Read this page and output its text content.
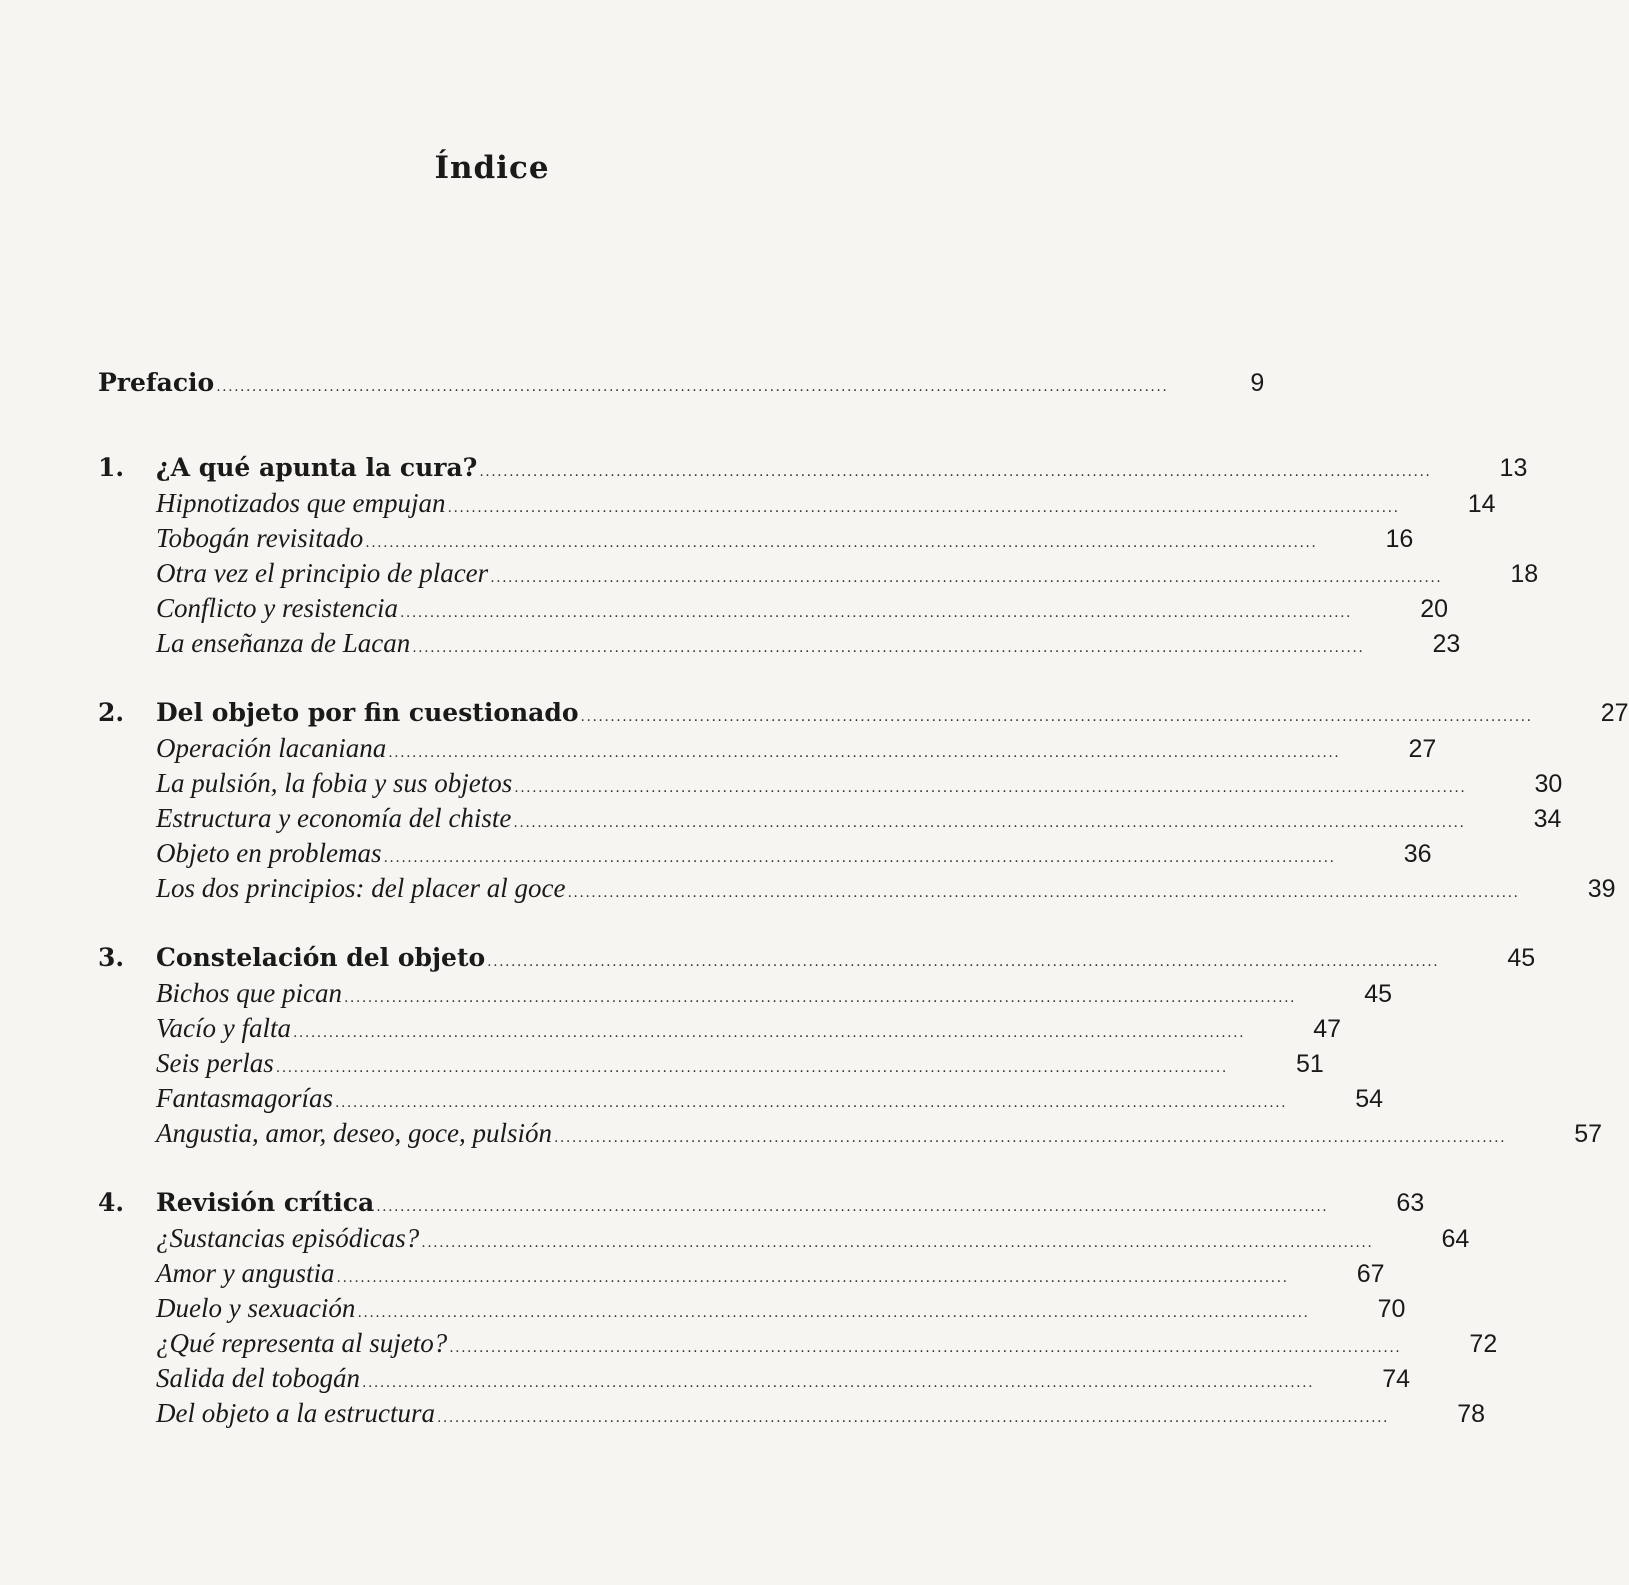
Índice
Prefacio ................................................................................................................................................................	9
1.	¿A qué apunta la cura? ................................................................................................................................................................	13
Hipnotizados que empujan ................................................................................................................................................................	14
Tobogán revisitado ................................................................................................................................................................	16
Otra vez el principio de placer ................................................................................................................................................................	18
Conflicto y resistencia ................................................................................................................................................................	20
La enseñanza de Lacan ................................................................................................................................................................	23
2.	Del objeto por fin cuestionado ................................................................................................................................................................	27
Operación lacaniana ................................................................................................................................................................	27
La pulsión, la fobia y sus objetos ................................................................................................................................................................	30
Estructura y economía del chiste ................................................................................................................................................................	34
Objeto en problemas ................................................................................................................................................................	36
Los dos principios: del placer al goce ................................................................................................................................................................	39
3.	Constelación del objeto ................................................................................................................................................................	45
Bichos que pican ................................................................................................................................................................	45
Vacío y falta ................................................................................................................................................................	47
Seis perlas ................................................................................................................................................................	51
Fantasmagorías ................................................................................................................................................................	54
Angustia, amor, deseo, goce, pulsión ................................................................................................................................................................	57
4.	Revisión crítica ................................................................................................................................................................	63
¿Sustancias episódicas? ................................................................................................................................................................	64
Amor y angustia ................................................................................................................................................................	67
Duelo y sexuación ................................................................................................................................................................	70
¿Qué representa al sujeto? ................................................................................................................................................................	72
Salida del tobogán ................................................................................................................................................................	74
Del objeto a la estructura ................................................................................................................................................................	78
